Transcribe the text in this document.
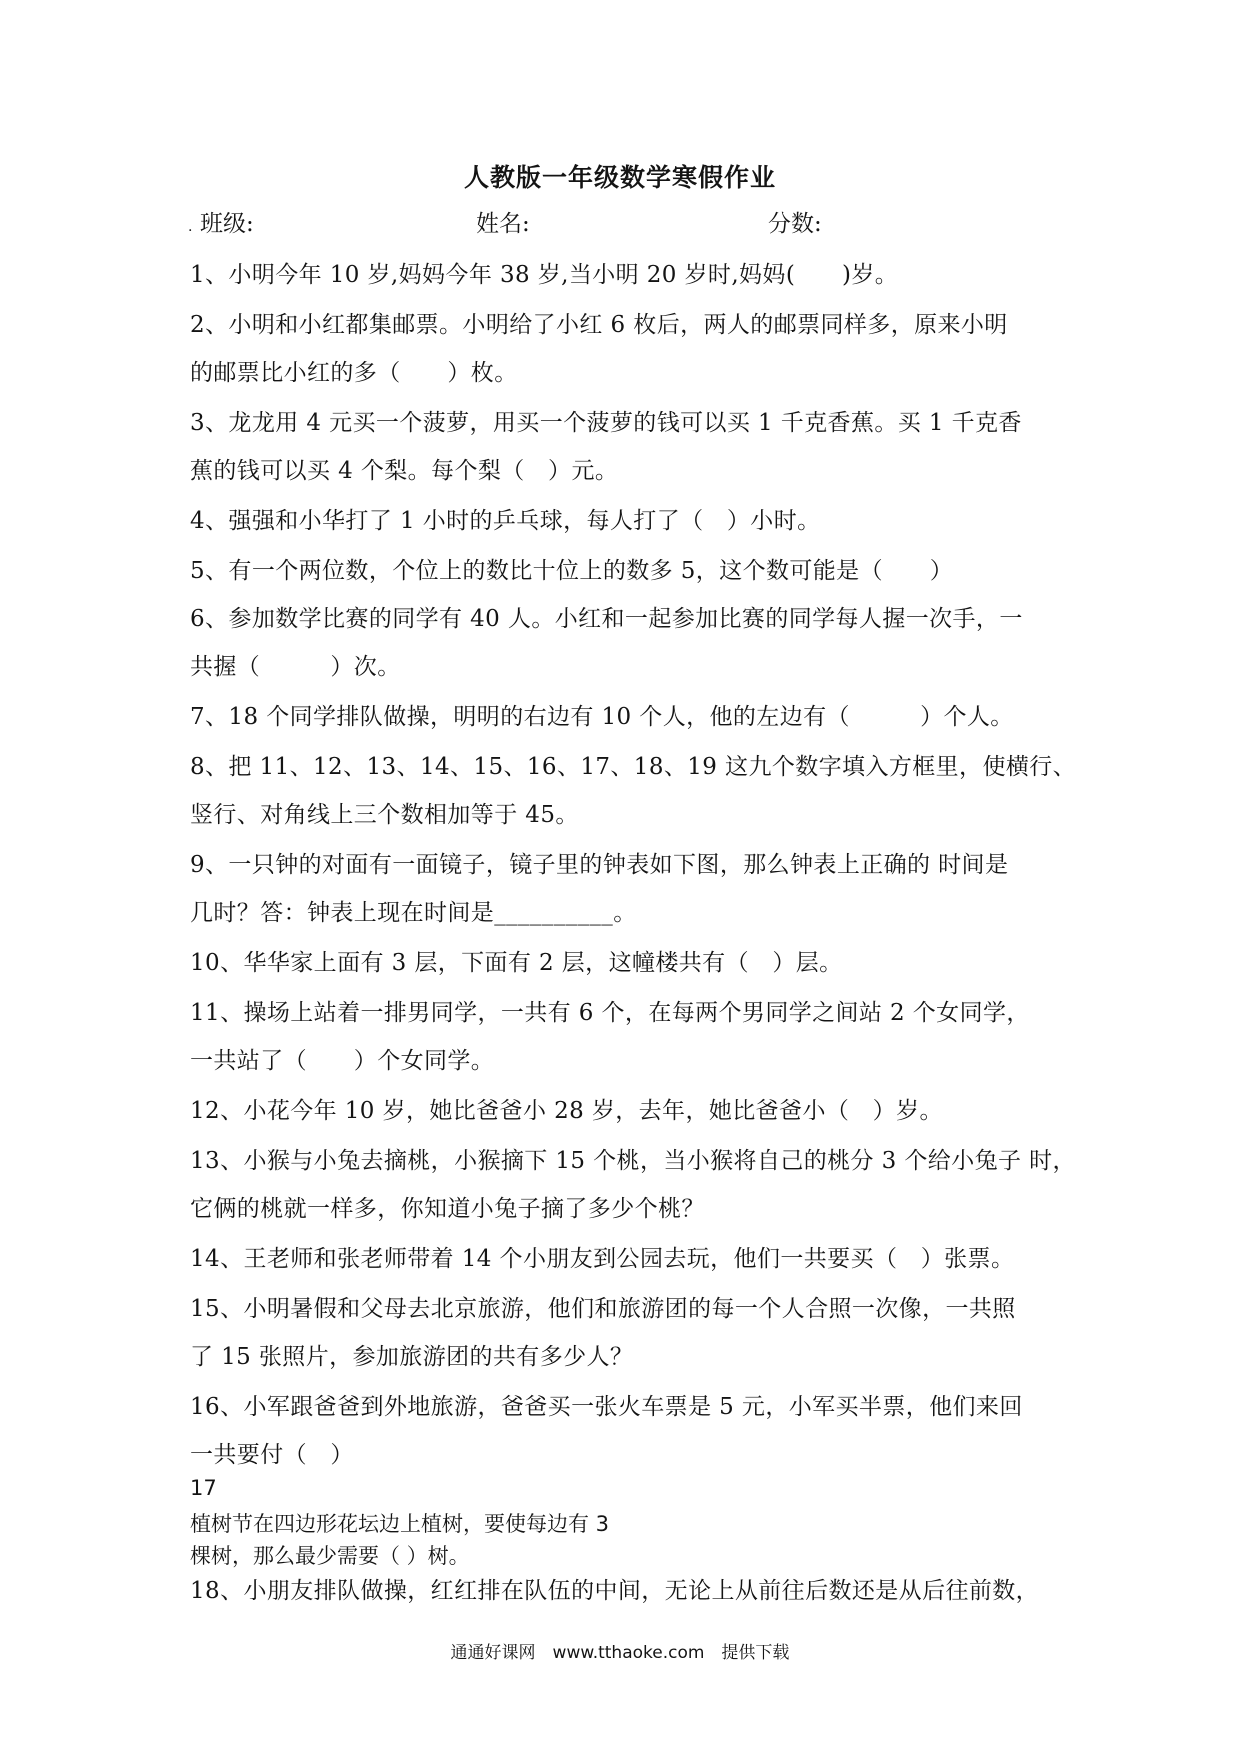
人教版一年级数学寒假作业
. 班级:	姓名:	分数:
1、小明今年 10 岁,妈妈今年 38 岁,当小明 20 岁时,妈妈(　　)岁。
2、小明和小红都集邮票。小明给了小红 6 枚后，两人的邮票同样多，原来小明
的邮票比小红的多（　　）枚。
3、龙龙用 4 元买一个菠萝，用买一个菠萝的钱可以买 1 千克香蕉。买 1 千克香
蕉的钱可以买 4 个梨。每个梨（　）元。
4、强强和小华打了 1 小时的乒乓球，每人打了（　）小时。
5、有一个两位数，个位上的数比十位上的数多 5，这个数可能是（　　）
6、参加数学比赛的同学有 40 人。小红和一起参加比赛的同学每人握一次手，一
共握（　　　）次。
7、18 个同学排队做操，明明的右边有 10 个人，他的左边有（　　　）个人。
8、把 11、12、13、14、15、16、17、18、19 这九个数字填入方框里，使横行、
竖行、对角线上三个数相加等于 45。
9、一只钟的对面有一面镜子，镜子里的钟表如下图，那么钟表上正确的 时间是
几时？答：钟表上现在时间是__________。
10、华华家上面有 3 层，下面有 2 层，这幢楼共有（　）层。
11、操场上站着一排男同学，一共有 6 个，在每两个男同学之间站 2 个女同学，
一共站了（　　）个女同学。
12、小花今年 10 岁，她比爸爸小 28 岁，去年，她比爸爸小（　）岁。
13、小猴与小兔去摘桃，小猴摘下 15 个桃，当小猴将自己的桃分 3 个给小兔子 时，
它俩的桃就一样多，你知道小兔子摘了多少个桃？
14、王老师和张老师带着 14 个小朋友到公园去玩，他们一共要买（　）张票。
15、小明暑假和父母去北京旅游，他们和旅游团的每一个人合照一次像，一共照
了 15 张照片，参加旅游团的共有多少人？
16、小军跟爸爸到外地旅游，爸爸买一张火车票是 5 元，小军买半票，他们来回
一共要付（　）
17
植树节在四边形花坛边上植树，要使每边有 3
棵树，那么最少需要（ ）树。
18、小朋友排队做操，红红排在队伍的中间，无论上从前往后数还是从后往前数，
通通好课网　www.tthaoke.com　提供下载
